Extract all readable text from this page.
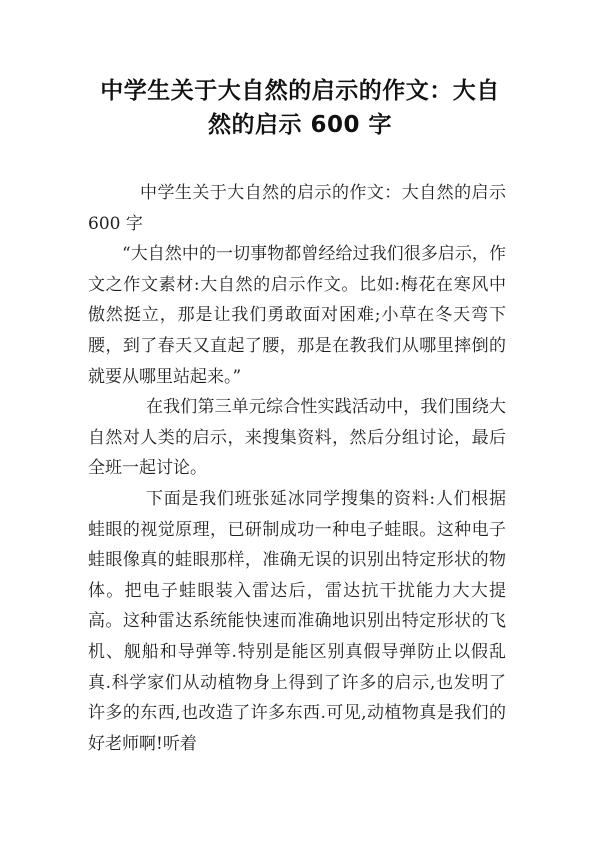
中学生关于大自然的启示的作文：大自然的启示 600 字

中学生关于大自然的启示的作文：大自然的启示 600 字

“大自然中的一切事物都曾经给过我们很多启示，作文之作文素材:大自然的启示作文。比如:梅花在寒风中傲然挺立，那是让我们勇敢面对困难;小草在冬天弯下腰，到了春天又直起了腰，那是在教我们从哪里摔倒的就要从哪里站起来。”

在我们第三单元综合性实践活动中，我们围绕大自然对人类的启示，来搜集资料，然后分组讨论，最后全班一起讨论。

下面是我们班张延冰同学搜集的资料:人们根据蛙眼的视觉原理，已研制成功一种电子蛙眼。这种电子蛙眼像真的蛙眼那样，准确无误的识别出特定形状的物体。把电子蛙眼装入雷达后，雷达抗干扰能力大大提高。这种雷达系统能快速而准确地识别出特定形状的飞机、舰船和导弹等.特别是能区别真假导弹防止以假乱真.科学家们从动植物身上得到了许多的启示,也发明了许多的东西,也改造了许多东西.可见,动植物真是我们的好老师啊!听着
